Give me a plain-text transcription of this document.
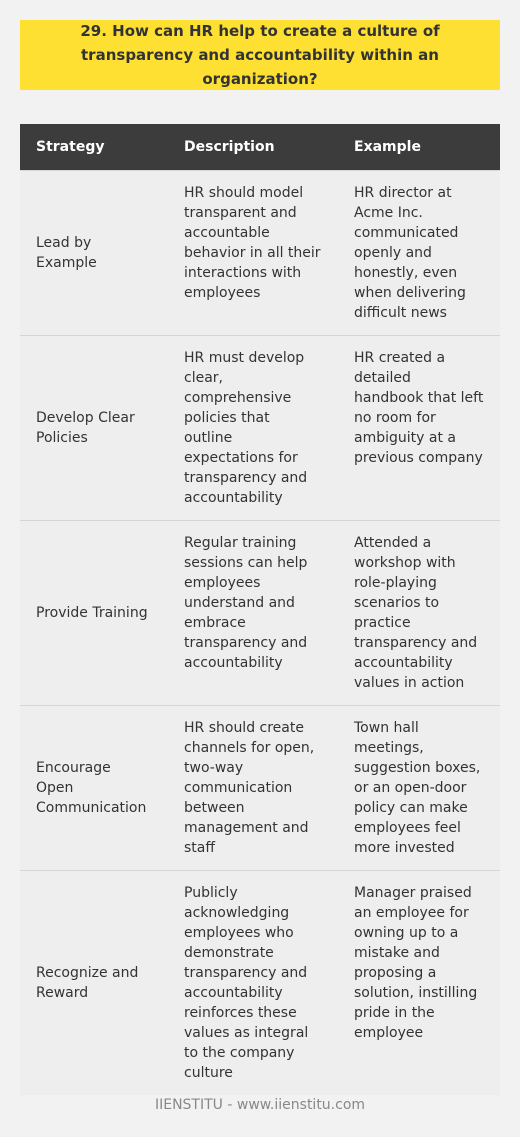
29. How can HR help to create a culture of transparency and accountability within an organization?
Strategy	Description	Example
Lead by Example	HR should model transparent and accountable behavior in all their interactions with employees	HR director at Acme Inc. communicated openly and honestly, even when delivering difficult news
Develop Clear Policies	HR must develop clear, comprehensive policies that outline expectations for transparency and accountability	HR created a detailed handbook that left no room for ambiguity at a previous company
Provide Training	Regular training sessions can help employees understand and embrace transparency and accountability	Attended a workshop with role-playing scenarios to practice transparency and accountability values in action
Encourage Open Communication	HR should create channels for open, two-way communication between management and staff	Town hall meetings, suggestion boxes, or an open-door policy can make employees feel more invested
Recognize and Reward	Publicly acknowledging employees who demonstrate transparency and accountability reinforces these values as integral to the company culture	Manager praised an employee for owning up to a mistake and proposing a solution, instilling pride in the employee
IIENSTITU - www.iienstitu.com
